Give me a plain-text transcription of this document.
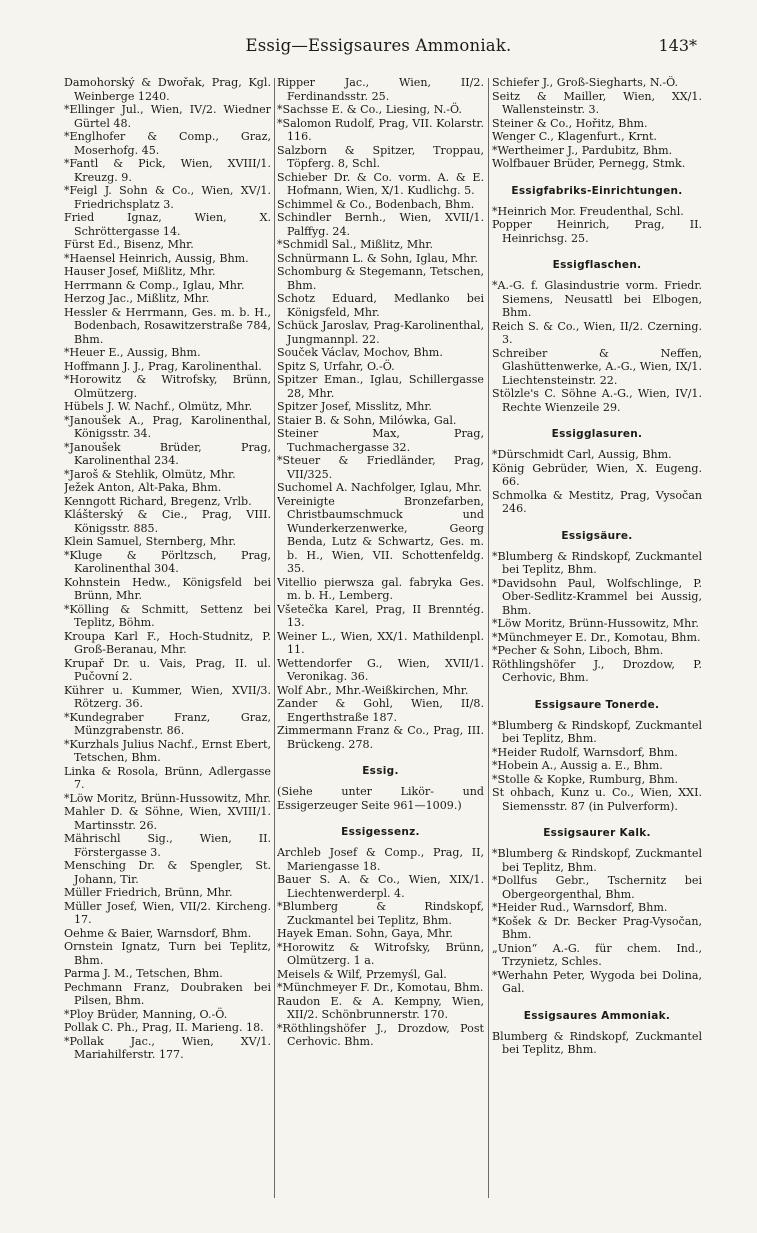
Essig—Essigsaures Ammoniak.	143*

Damohorský & Dwořak, Prag, Kgl. Weinberge 1240.

*Ellinger Jul., Wien, IV/2. Wiedner Gürtel 48.

*Englhofer & Comp., Graz, Moserhofg. 45.

*Fantl & Pick, Wien, XVIII/1. Kreuzg. 9.

*Feigl J. Sohn & Co., Wien, XV/1. Friedrichsplatz 3.

Fried Ignaz, Wien, X. Schröttergasse 14.

Fürst Ed., Bisenz, Mhr.

*Haensel Heinrich, Aussig, Bhm.

Hauser Josef, Mißlitz, Mhr.

Herrmann & Comp., Iglau, Mhr.

Herzog Jac., Mißlitz, Mhr.

Hessler & Herrmann, Ges. m. b. H., Bodenbach, Rosawitzerstraße 784, Bhm.

*Heuer E., Aussig, Bhm.

Hoffmann J. J., Prag, Karolinenthal.

*Horowitz & Witrofsky, Brünn, Olmützerg.

Hübels J. W. Nachf., Olmütz, Mhr.

*Janoušek A., Prag, Karolinenthal, Königsstr. 34.

*Janoušek Brüder, Prag, Karolinenthal 234.

*Jaroš & Stehlik, Olmütz, Mhr.

Ježek Anton, Alt-Paka, Bhm.

Kenngott Richard, Bregenz, Vrlb.

Klášterský & Cie., Prag, VIII. Königsstr. 885.

Klein Samuel, Sternberg, Mhr.

*Kluge & Pörltzsch, Prag, Karolinenthal 304.

Kohnstein Hedw., Königsfeld bei Brünn, Mhr.

*Kölling & Schmitt, Settenz bei Teplitz, Böhm.

Kroupa Karl F., Hoch-Studnitz, P. Groß-Beranau, Mhr.

Krupař Dr. u. Vais, Prag, II. ul. Pučovní 2.

Kührer u. Kummer, Wien, XVII/3. Rötzerg. 36.

*Kundegraber Franz, Graz, Münzgrabenstr. 86.

*Kurzhals Julius Nachf., Ernst Ebert, Tetschen, Bhm.

Linka & Rosola, Brünn, Adlergasse 7.

*Löw Moritz, Brünn-Hussowitz, Mhr.

Mahler D. & Söhne, Wien, XVIII/1. Martinsstr. 26.

Mährischl Sig., Wien, II. Förstergasse 3.

Mensching Dr. & Spengler, St. Johann, Tir.

Müller Friedrich, Brünn, Mhr.

Müller Josef, Wien, VII/2. Kircheng. 17.

Oehme & Baier, Warnsdorf, Bhm.

Ornstein Ignatz, Turn bei Teplitz, Bhm.

Parma J. M., Tetschen, Bhm.

Pechmann Franz, Doubraken bei Pilsen, Bhm.

*Ploy Brüder, Manning, O.-Ö.

Pollak C. Ph., Prag, II. Marieng. 18.

*Pollak Jac., Wien, XV/1. Mariahilferstr. 177.

Ripper Jac., Wien, II/2. Ferdinandsstr. 25.

*Sachsse E. & Co., Liesing, N.-Ö.

*Salomon Rudolf, Prag, VII. Kolarstr. 116.

Salzborn & Spitzer, Troppau, Töpferg. 8, Schl.

Schieber Dr. & Co. vorm. A. & E. Hofmann, Wien, X/1. Kudlichg. 5.

Schimmel & Co., Bodenbach, Bhm.

Schindler Bernh., Wien, XVII/1. Palffyg. 24.

*Schmidl Sal., Mißlitz, Mhr.

Schnürmann L. & Sohn, Iglau, Mhr.

Schomburg & Stegemann, Tetschen, Bhm.

Schotz Eduard, Medlanko bei Königsfeld, Mhr.

Schück Jaroslav, Prag-Karolinenthal, Jungmannpl. 22.

Souček Václav, Mochov, Bhm.

Spitz S, Urfahr, O.-Ö.

Spitzer Eman., Iglau, Schillergasse 28, Mhr.

Spitzer Josef, Misslitz, Mhr.

Staier B. & Sohn, Milówka, Gal.

Steiner Max, Prag, Tuchmachergasse 32.

*Steuer & Friedländer, Prag, VII/325.

Suchomel A. Nachfolger, Iglau, Mhr.

Vereinigte Bronzefarben, Christbaumschmuck und Wunderkerzenwerke, Georg Benda, Lutz & Schwartz, Ges. m. b. H., Wien, VII. Schottenfeldg. 35.

Vitellio pierwsza gal. fabryka Ges. m. b. H., Lemberg.

Všetečka Karel, Prag, II Brenntég. 13.

Weiner L., Wien, XX/1. Mathildenpl. 11.

Wettendorfer G., Wien, XVII/1. Veronikag. 36.

Wolf Abr., Mhr.-Weißkirchen, Mhr.

Zander & Gohl, Wien, II/8. Engerthstraße 187.

Zimmermann Franz & Co., Prag, III. Brückeng. 278.

Essig.

(Siehe unter Likör- und Essigerzeuger Seite 961—1009.)

Essigessenz.

Archleb Josef & Comp., Prag, II, Mariengasse 18.

Bauer S. A. & Co., Wien, XIX/1. Liechtenwerderpl. 4.

*Blumberg & Rindskopf, Zuckmantel bei Teplitz, Bhm.

Hayek Eman. Sohn, Gaya, Mhr.

*Horowitz & Witrofsky, Brünn, Olmützerg. 1 a.

Meisels & Wilf, Przemyśl, Gal.

*Münchmeyer F. Dr., Komotau, Bhm.

Raudon E. & A. Kempny, Wien, XII/2. Schönbrunnerstr. 170.

*Röthlingshöfer J., Drozdow, Post Cerhovic. Bhm.

Schiefer J., Groß-Siegharts, N.-Ö.

Seitz & Mailler, Wien, XX/1. Wallensteinstr. 3.

Steiner & Co., Hořitz, Bhm.

Wenger C., Klagenfurt., Krnt.

*Wertheimer J., Pardubitz, Bhm.

Wolfbauer Brüder, Pernegg, Stmk.

Essigfabriks-Einrichtungen.

*Heinrich Mor. Freudenthal, Schl.

Popper Heinrich, Prag, II. Heinrichsg. 25.

Essigflaschen.

*A.-G. f. Glasindustrie vorm. Friedr. Siemens, Neusattl bei Elbogen, Bhm.

Reich S. & Co., Wien, II/2. Czerning. 3.

Schreiber & Neffen, Glashüttenwerke, A.-G., Wien, IX/1. Liechtensteinstr. 22.

Stölzle's C. Söhne A.-G., Wien, IV/1. Rechte Wienzeile 29.

Essigglasuren.

*Dürschmidt Carl, Aussig, Bhm.

König Gebrüder, Wien, X. Eugeng. 66.

Schmolka & Mestitz, Prag, Vysočan 246.

Essigsäure.

*Blumberg & Rindskopf, Zuckmantel bei Teplitz, Bhm.

*Davidsohn Paul, Wolfschlinge, P. Ober-Sedlitz-Krammel bei Aussig, Bhm.

*Löw Moritz, Brünn-Hussowitz, Mhr.

*Münchmeyer E. Dr., Komotau, Bhm.

*Pecher & Sohn, Liboch, Bhm.

Röthlingshöfer J., Drozdow, P. Cerhovic, Bhm.

Essigsaure Tonerde.

*Blumberg & Rindskopf, Zuckmantel bei Teplitz, Bhm.

*Heider Rudolf, Warnsdorf, Bhm.

*Hobein A., Aussig a. E., Bhm.

*Stolle & Kopke, Rumburg, Bhm.

St ohbach, Kunz u. Co., Wien, XXI. Siemensstr. 87 (in Pulverform).

Essigsaurer Kalk.

*Blumberg & Rindskopf, Zuckmantel bei Teplitz, Bhm.

*Dollfus Gebr., Tschernitz bei Obergeorgenthal, Bhm.

*Heider Rud., Warnsdorf, Bhm.

*Košek & Dr. Becker Prag-Vysočan, Bhm.

„Union“ A.-G. für chem. Ind., Trzynietz, Schles.

*Werhahn Peter, Wygoda bei Dolina, Gal.

Essigsaures Ammoniak.

Blumberg & Rindskopf, Zuckmantel bei Teplitz, Bhm.
